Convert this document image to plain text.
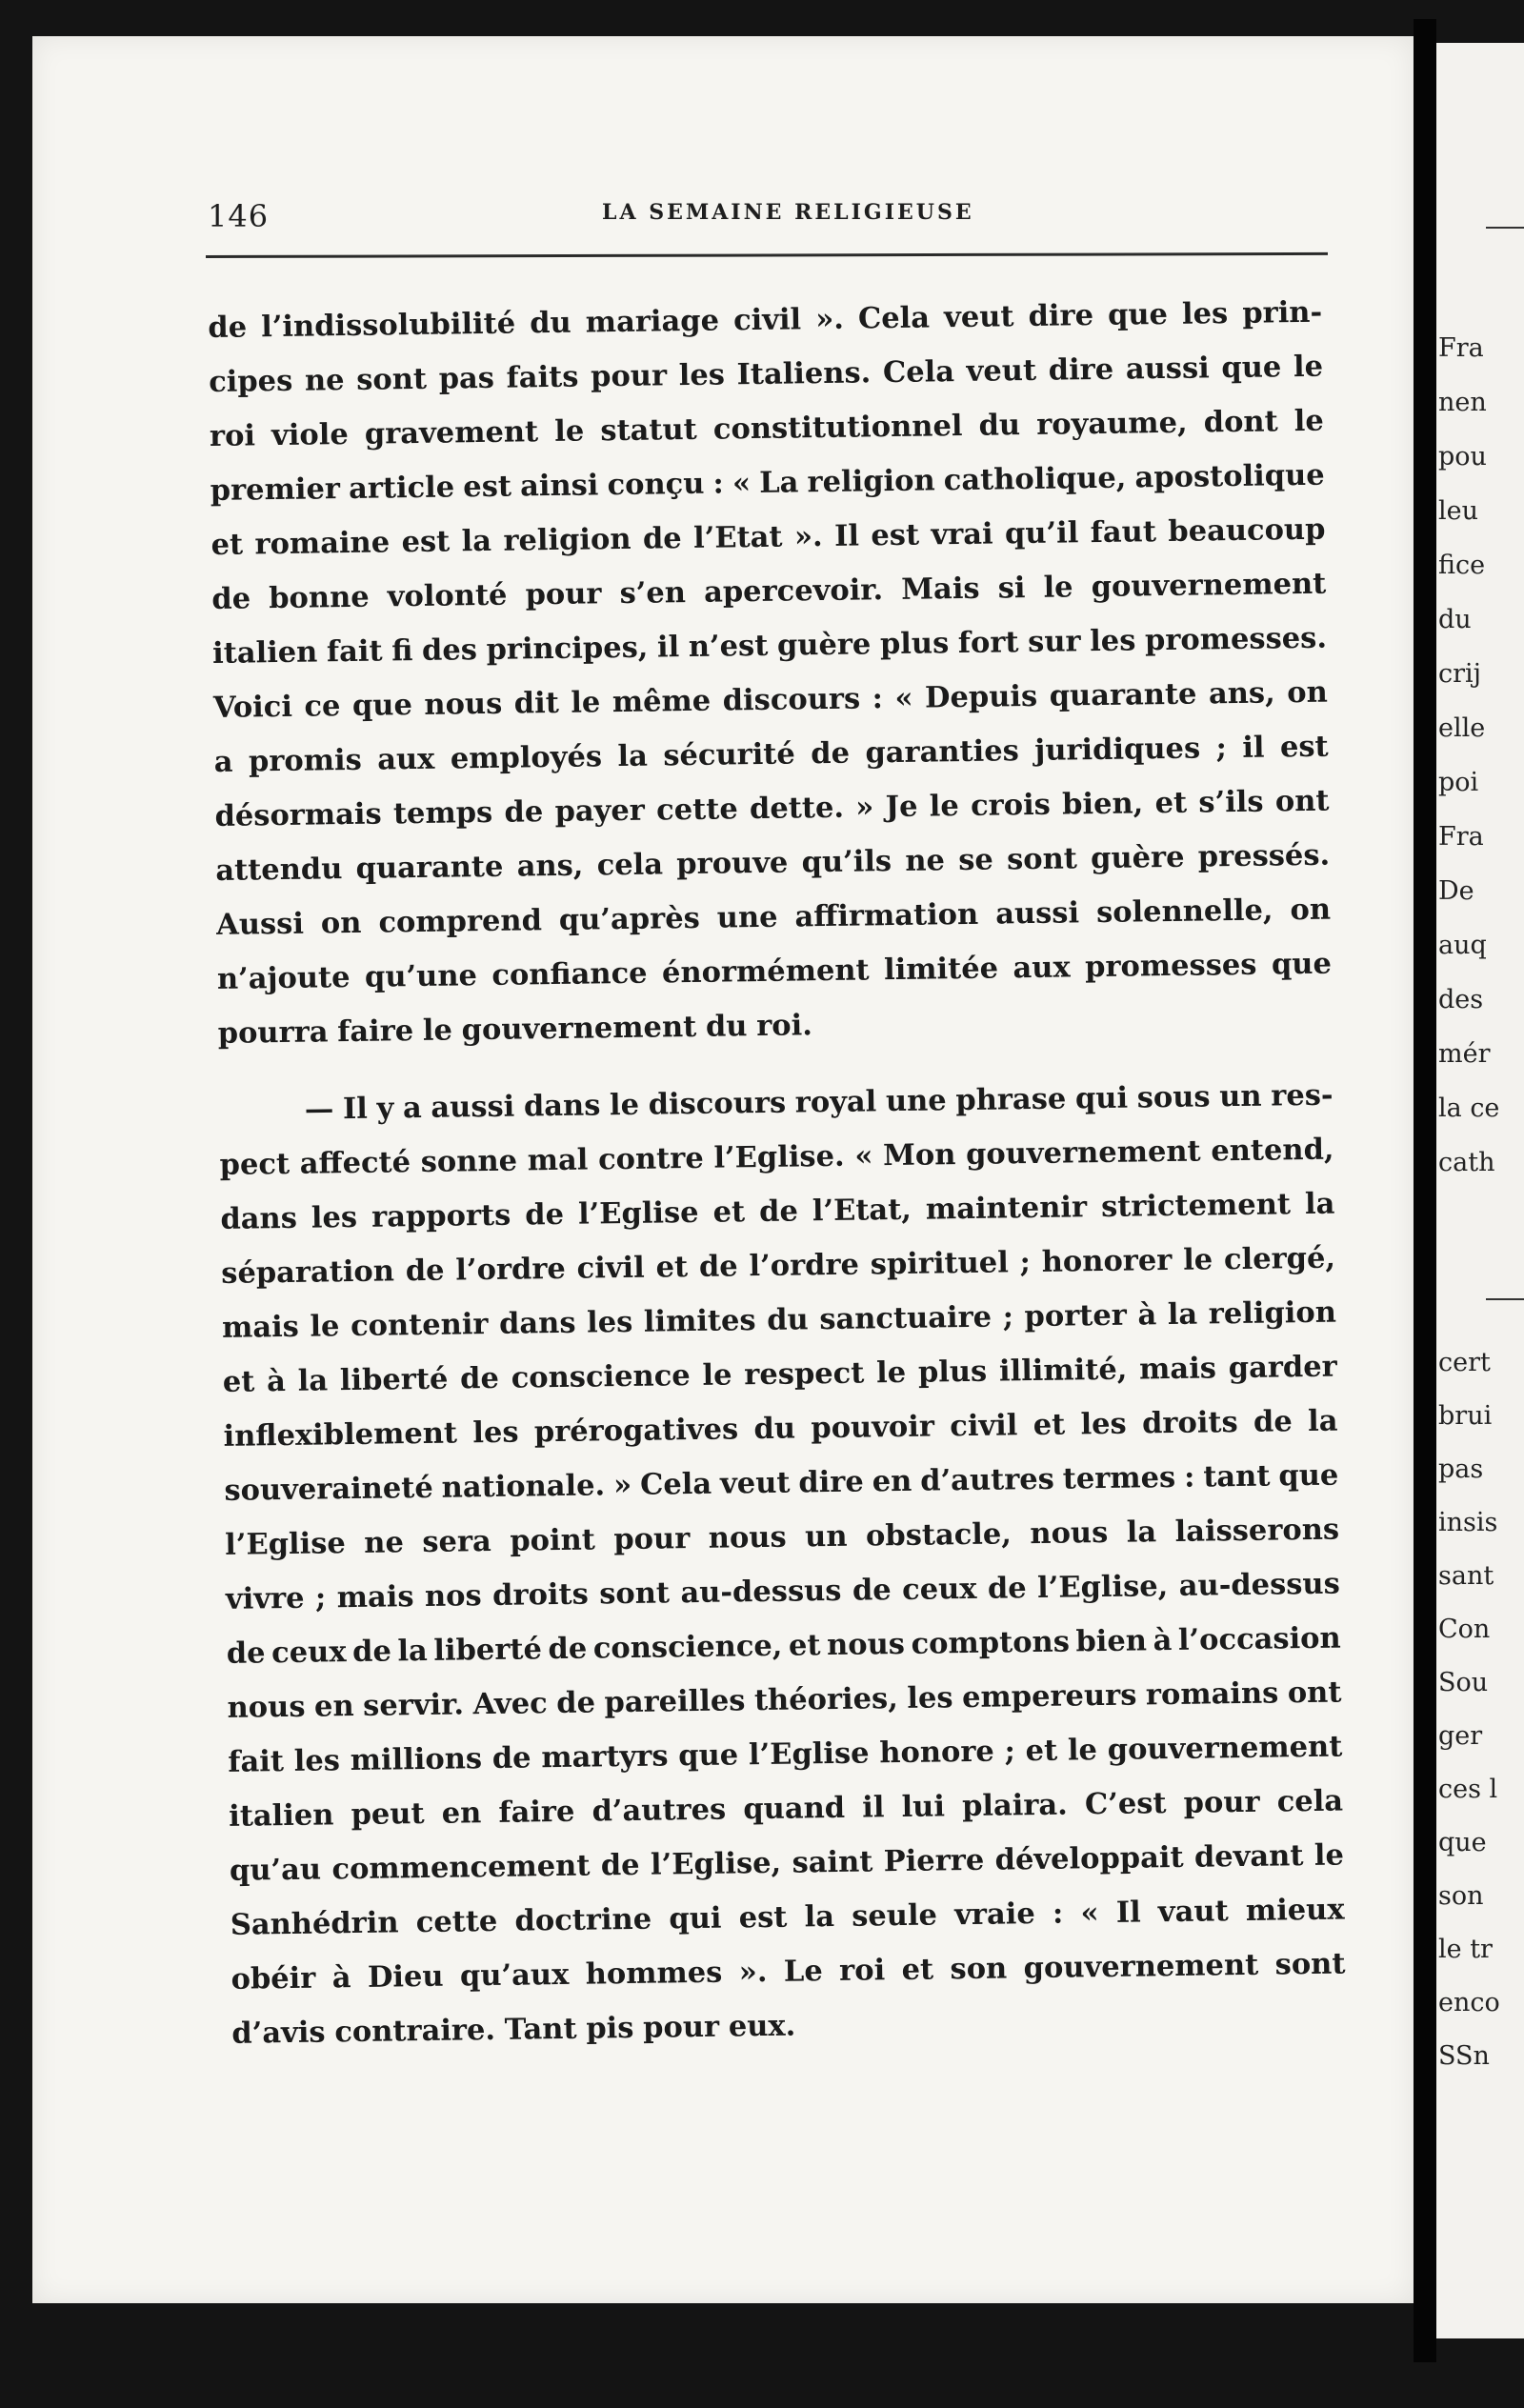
146	LA SEMAINE RELIGIEUSE
de l’indissolubilité du mariage civil ». Cela veut dire que les prin-
cipes ne sont pas faits pour les Italiens. Cela veut dire aussi que le
roi viole gravement le statut constitutionnel du royaume, dont le
premier article est ainsi conçu : « La religion catholique, apostolique
et romaine est la religion de l’Etat ». Il est vrai qu’il faut beaucoup
de bonne volonté pour s’en apercevoir. Mais si le gouvernement
italien fait fi des principes, il n’est guère plus fort sur les promesses.
Voici ce que nous dit le même discours : « Depuis quarante ans, on
a promis aux employés la sécurité de garanties juridiques ; il est
désormais temps de payer cette dette. » Je le crois bien, et s’ils ont
attendu quarante ans, cela prouve qu’ils ne se sont guère pressés.
Aussi on comprend qu’après une affirmation aussi solennelle, on
n’ajoute qu’une confiance énormément limitée aux promesses que
pourra faire le gouvernement du roi.
— Il y a aussi dans le discours royal une phrase qui sous un res-
pect affecté sonne mal contre l’Eglise. « Mon gouvernement entend,
dans les rapports de l’Eglise et de l’Etat, maintenir strictement la
séparation de l’ordre civil et de l’ordre spirituel ; honorer le clergé,
mais le contenir dans les limites du sanctuaire ; porter à la religion
et à la liberté de conscience le respect le plus illimité, mais garder
inflexiblement les prérogatives du pouvoir civil et les droits de la
souveraineté nationale. » Cela veut dire en d’autres termes : tant que
l’Eglise ne sera point pour nous un obstacle, nous la laisserons
vivre ; mais nos droits sont au-dessus de ceux de l’Eglise, au-dessus
de ceux de la liberté de conscience, et nous comptons bien à l’occasion
nous en servir. Avec de pareilles théories, les empereurs romains ont
fait les millions de martyrs que l’Eglise honore ; et le gouvernement
italien peut en faire d’autres quand il lui plaira. C’est pour cela
qu’au commencement de l’Eglise, saint Pierre développait devant le
Sanhédrin cette doctrine qui est la seule vraie : « Il vaut mieux
obéir à Dieu qu’aux hommes ». Le roi et son gouvernement sont
d’avis contraire. Tant pis pour eux.
Fra
nen
pou
leu
fice
du
crij
elle
poi
Fra
De
auq
des
mér
la ce
cath
cert
brui
pas
insis
sant
Con
Sou
ger
ces l
que
son
le tr
enco
SSn
